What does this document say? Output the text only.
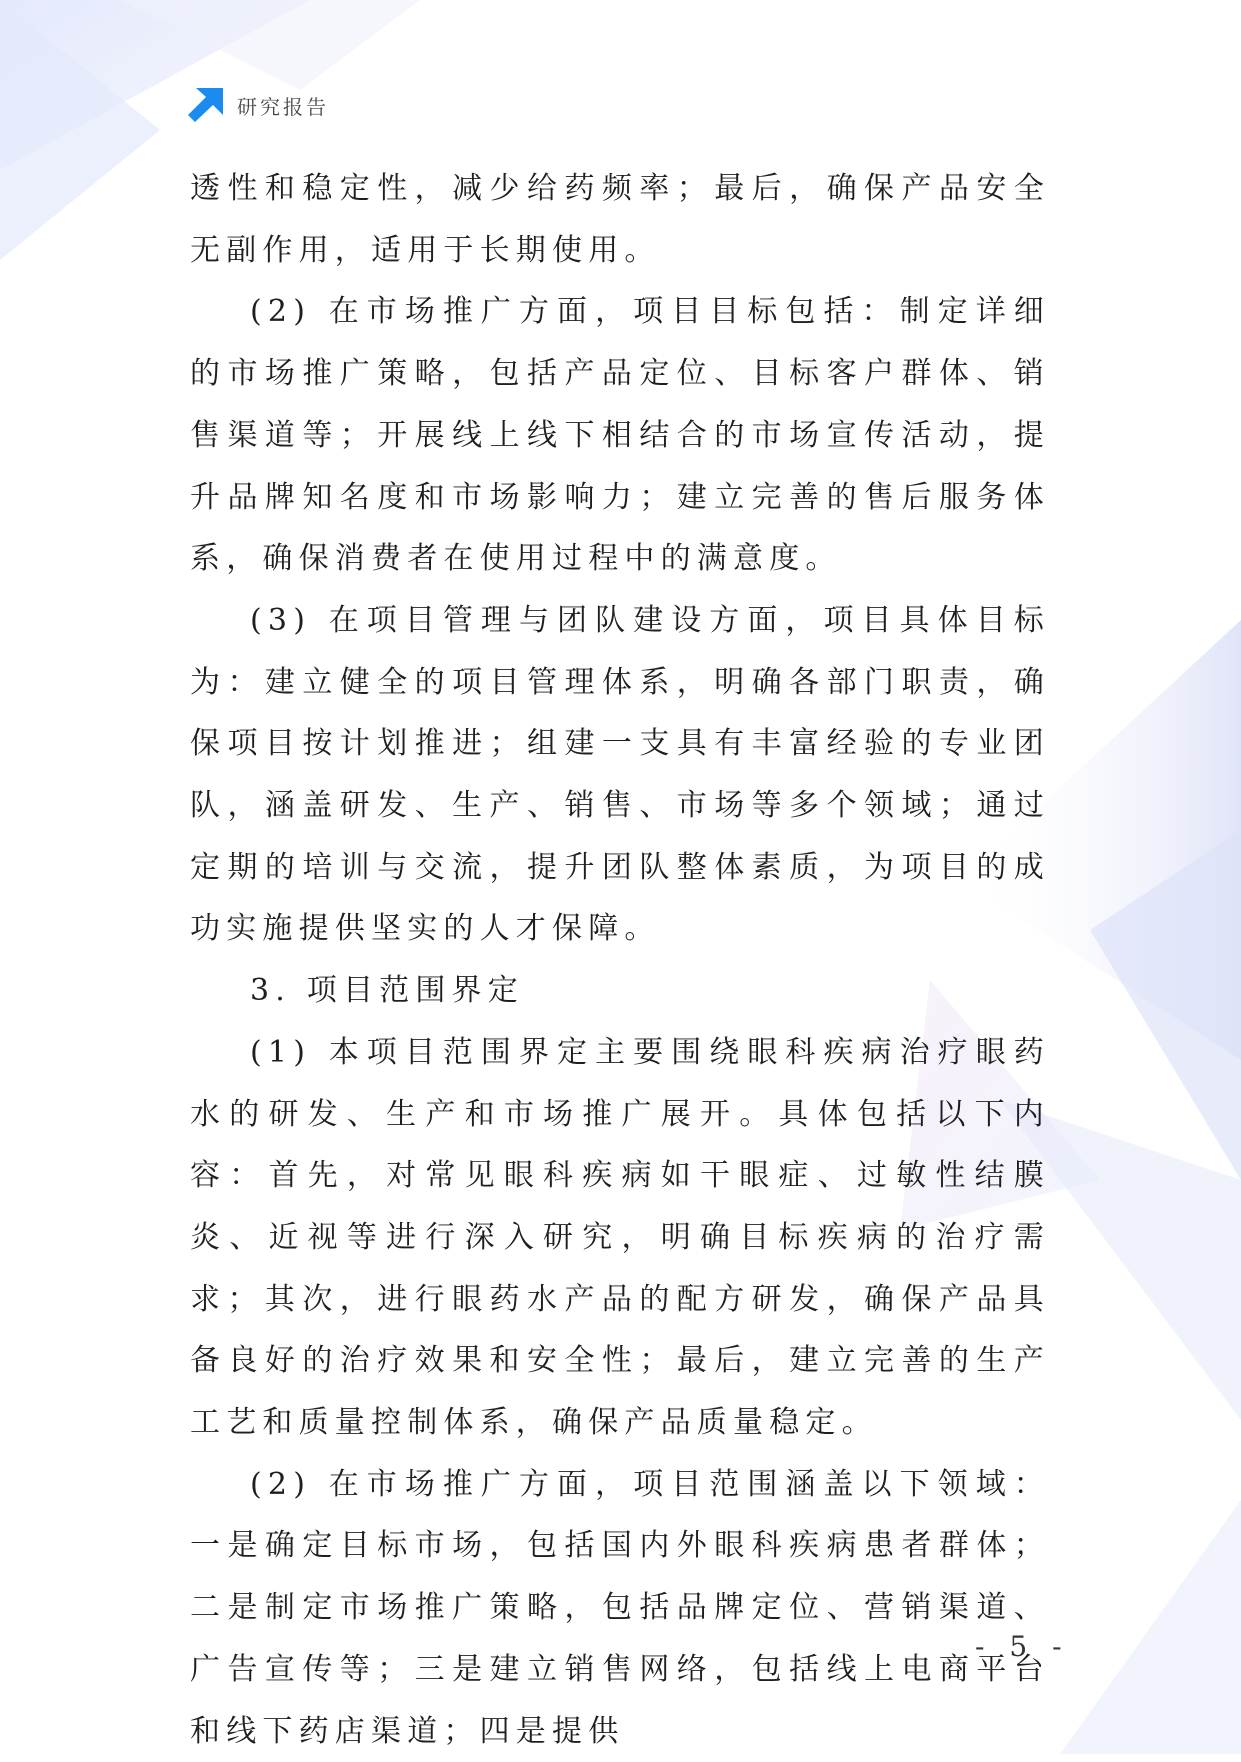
研究报告

透性和稳定性，减少给药频率；最后，确保产品安全无副作用，适用于长期使用。

(2) 在市场推广方面，项目目标包括：制定详细的市场推广策略，包括产品定位、目标客户群体、销售渠道等；开展线上线下相结合的市场宣传活动，提升品牌知名度和市场影响力；建立完善的售后服务体系，确保消费者在使用过程中的满意度。

(3) 在项目管理与团队建设方面，项目具体目标为：建立健全的项目管理体系，明确各部门职责，确保项目按计划推进；组建一支具有丰富经验的专业团队，涵盖研发、生产、销售、市场等多个领域；通过定期的培训与交流，提升团队整体素质，为项目的成功实施提供坚实的人才保障。

3. 项目范围界定

(1) 本项目范围界定主要围绕眼科疾病治疗眼药水的研发、生产和市场推广展开。具体包括以下内容：首先，对常见眼科疾病如干眼症、过敏性结膜炎、近视等进行深入研究，明确目标疾病的治疗需求；其次，进行眼药水产品的配方研发，确保产品具备良好的治疗效果和安全性；最后，建立完善的生产工艺和质量控制体系，确保产品质量稳定。

(2) 在市场推广方面，项目范围涵盖以下领域：一是确定目标市场，包括国内外眼科疾病患者群体；二是制定市场推广策略，包括品牌定位、营销渠道、广告宣传等；三是建立销售网络，包括线上电商平台和线下药店渠道；四是提供

- 5 -
